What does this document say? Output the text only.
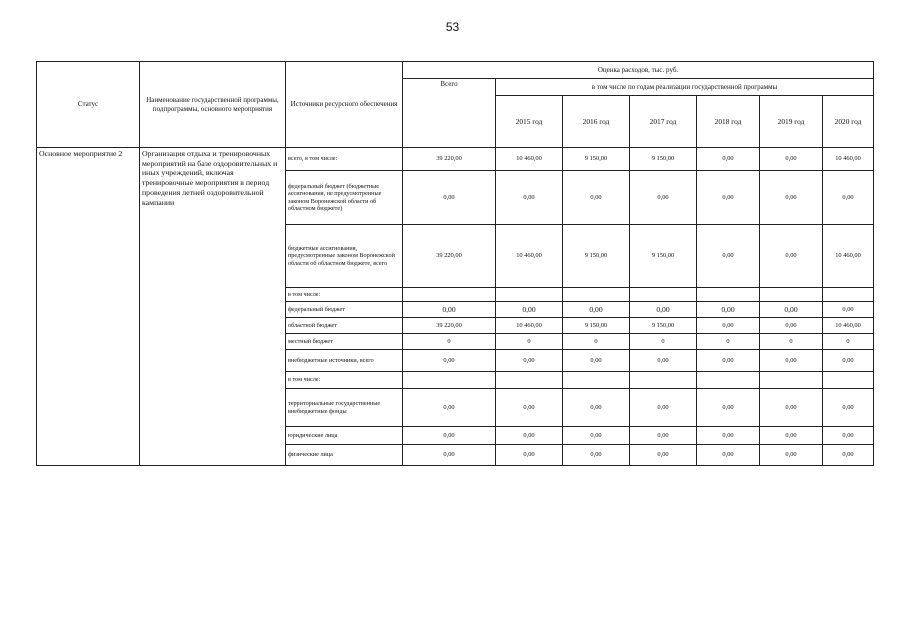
53
Статус	Наименование государственной программы, подпрограммы, основного мероприятия	Источники ресурсного обеспечения	Оценка расходов, тыс. руб.						
			Всего	в том числе по годам реализации государственной программы					
				2015 год	2016 год	2017 год	2018 год	2019 год	2020 год
Основное мероприятие 2	Организация отдыха и тренировочных мероприятий на базе оздоровительных и иных учреждений, включая тренировочные мероприятия в период проведения летней оздоровительной кампании	всего, в том числе:	39 220,00	10 460,00	9 150,00	9 150,00	0,00	0,00	10 460,00
		федеральный бюджет (бюджетные ассигнования, не предусмотренные законом Воронежской области об областном бюджете)	0,00	0,00	0,00	0,00	0,00	0,00	0,00
		бюджетные ассигнования, предусмотренные законом Воронежской области об областном бюджете, всего	39 220,00	10 460,00	9 150,00	9 150,00	0,00	0,00	10 460,00
		в том числе:							
		федеральный бюджет	0,00	0,00	0,00	0,00	0,00	0,00	0,00
		областной бюджет	39 220,00	10 460,00	9 150,00	9 150,00	0,00	0,00	10 460,00
		местный бюджет	0	0	0	0	0	0	0
		внебюджетные источники, всего	0,00	0,00	0,00	0,00	0,00	0,00	0,00
		в том числе:							
		территориальные государственные внебюджетные фонды	0,00	0,00	0,00	0,00	0,00	0,00	0,00
		юридические лица	0,00	0,00	0,00	0,00	0,00	0,00	0,00
		физические лица	0,00	0,00	0,00	0,00	0,00	0,00	0,00
